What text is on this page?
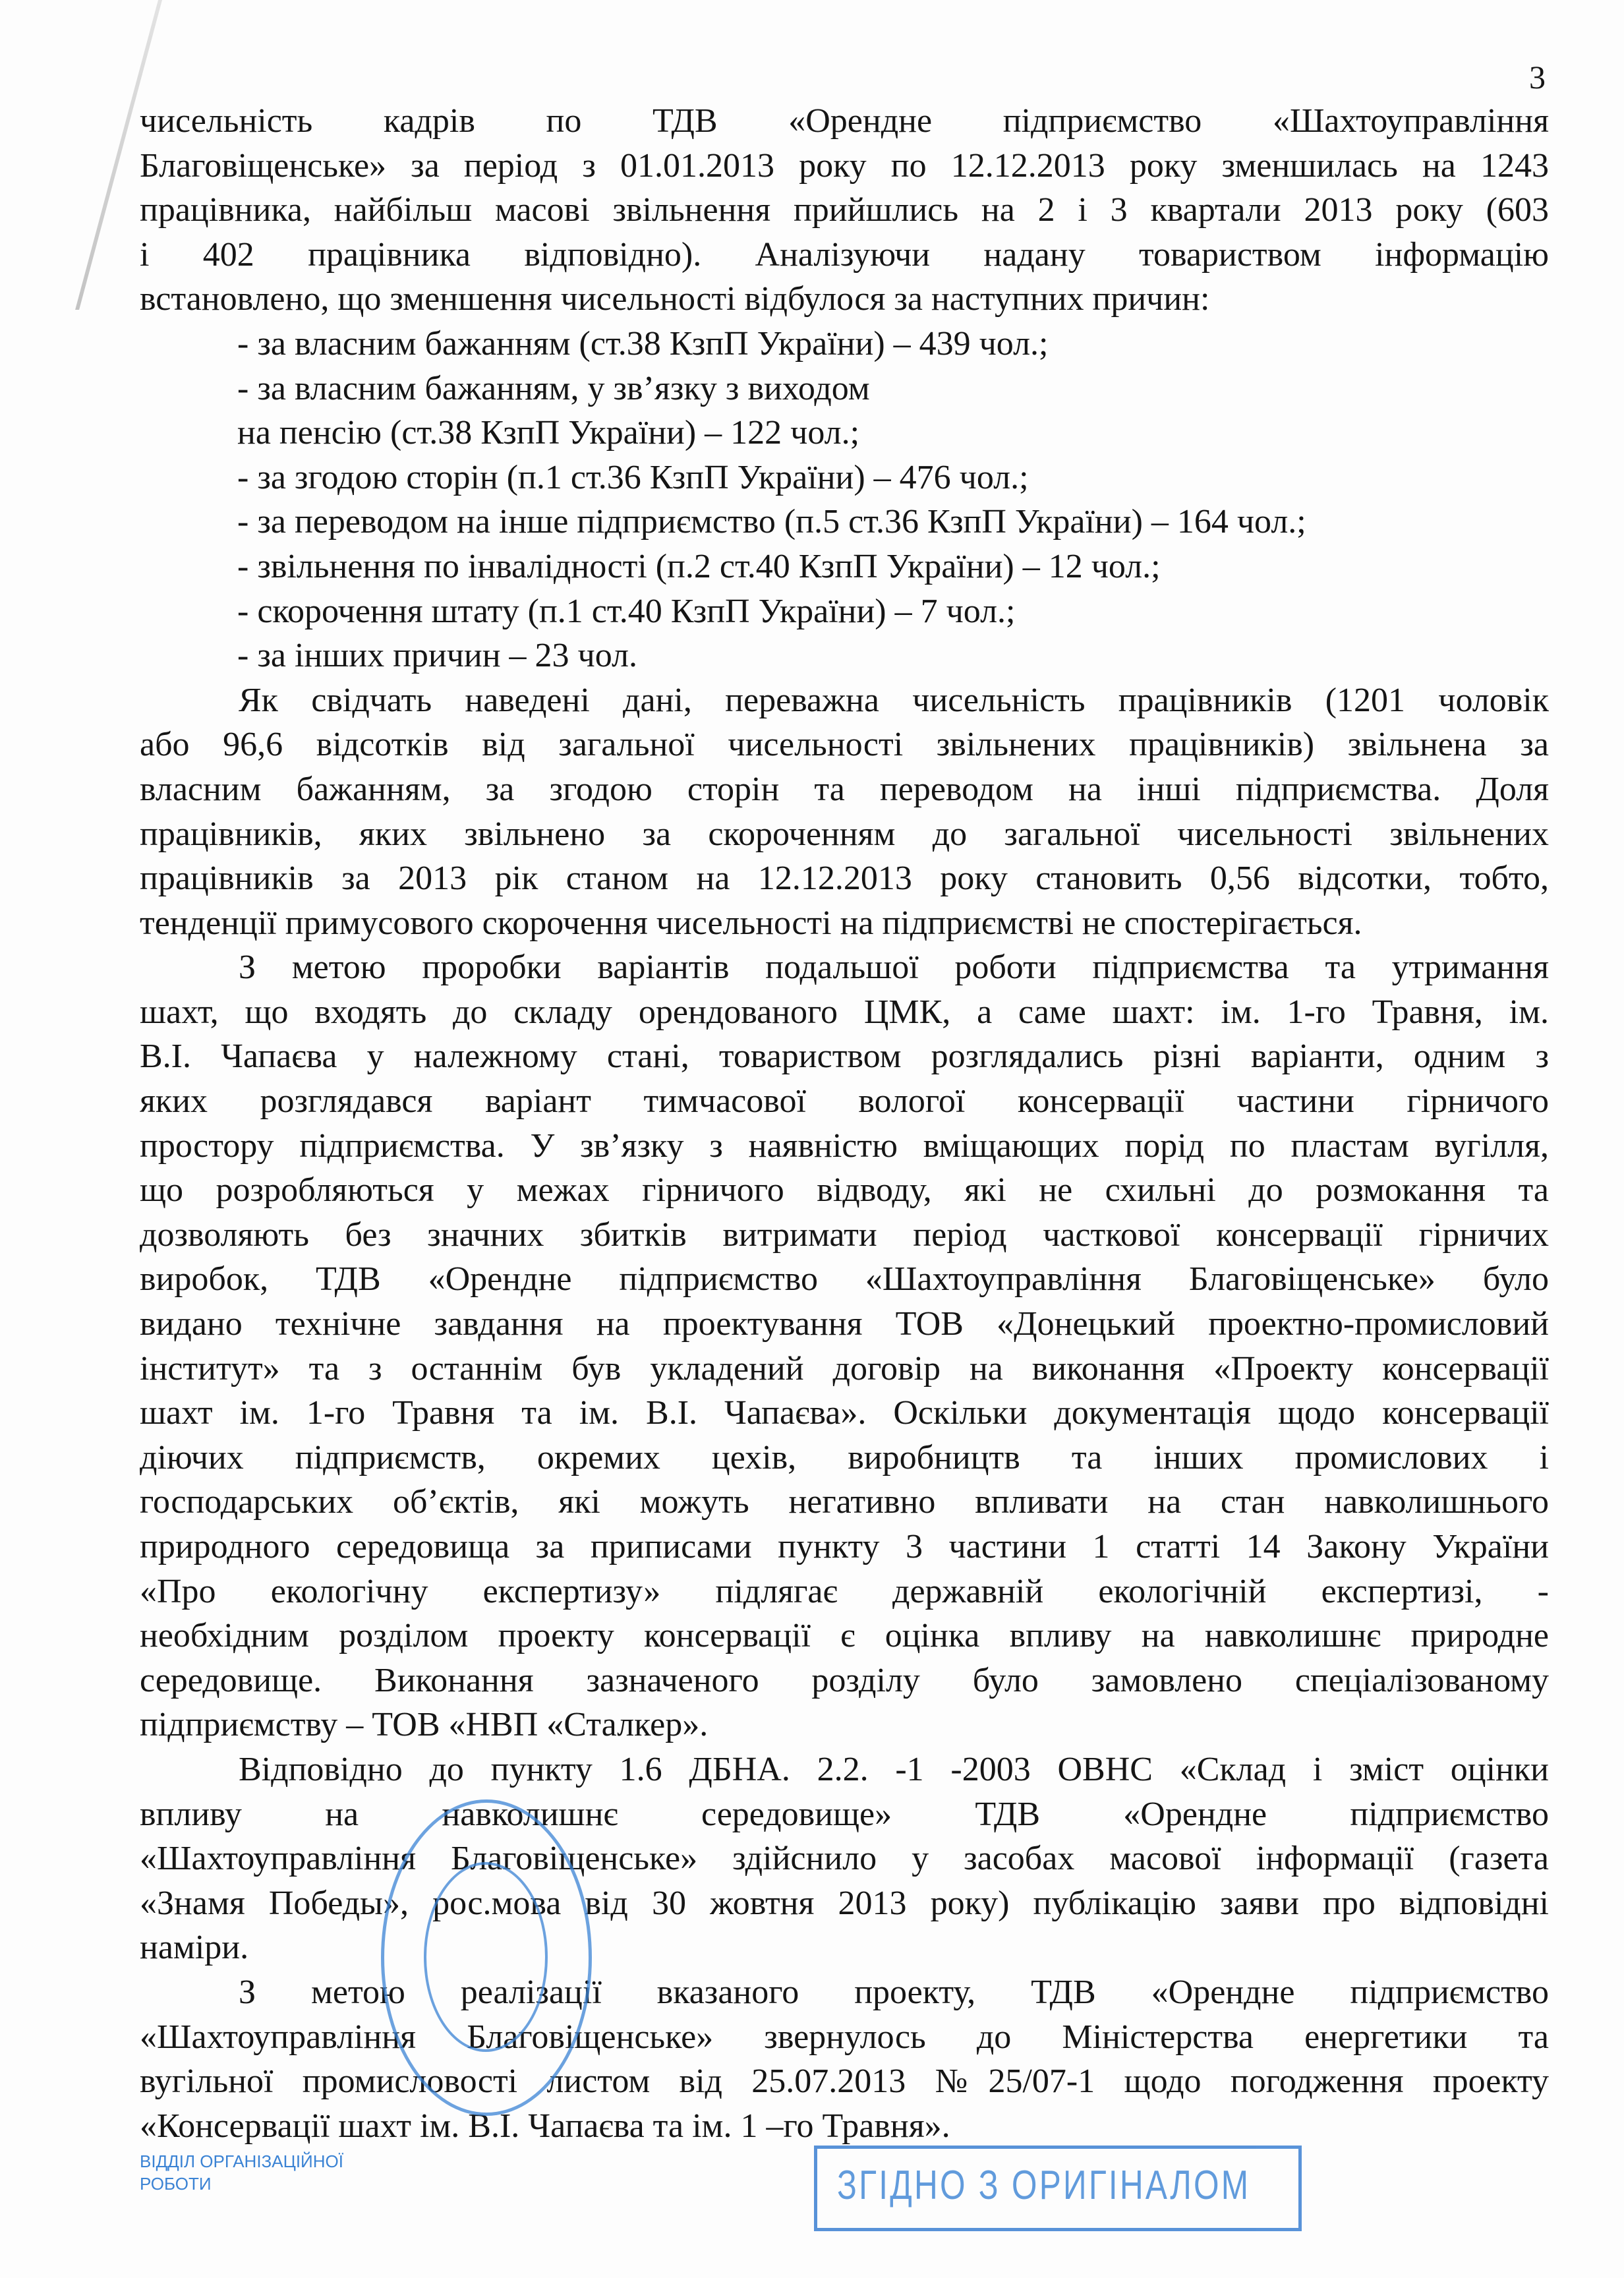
3
чисельність кадрів по ТДВ «Орендне підприємство «Шахтоуправління
Благовіщенське» за період з 01.01.2013 року по 12.12.2013 року зменшилась на 1243
працівника, найбільш масові звільнення прийшлись на 2 і 3 квартали 2013 року (603
і 402 працівника відповідно). Аналізуючи надану товариством інформацію
встановлено, що зменшення чисельності відбулося за наступних причин:
- за власним бажанням (ст.38 КзпП України) – 439 чол.;
- за власним бажанням, у зв’язку з виходом
на пенсію (ст.38 КзпП України) – 122 чол.;
- за згодою сторін (п.1 ст.36 КзпП України) – 476 чол.;
- за переводом на інше підприємство (п.5 ст.36 КзпП України) – 164 чол.;
- звільнення по інвалідності (п.2 ст.40 КзпП України) – 12 чол.;
- скорочення штату (п.1 ст.40 КзпП України) – 7 чол.;
- за інших причин – 23 чол.
Як свідчать наведені дані, переважна чисельність працівників (1201 чоловік
або 96,6 відсотків від загальної чисельності звільнених працівників) звільнена за
власним бажанням, за згодою сторін та переводом на інші підприємства. Доля
працівників, яких звільнено за скороченням до загальної чисельності звільнених
працівників за 2013 рік станом на 12.12.2013 року становить 0,56 відсотки, тобто,
тенденції примусового скорочення чисельності на підприємстві не спостерігається.
З метою проробки варіантів подальшої роботи підприємства та утримання
шахт, що входять до складу орендованого ЦМК, а саме шахт: ім. 1-го Травня, ім.
В.І. Чапаєва у належному стані, товариством розглядались різні варіанти, одним з
яких розглядався варіант тимчасової вологої консервації частини гірничого
простору підприємства. У зв’язку з наявністю вміщающих порід по пластам вугілля,
що розробляються у межах гірничого відводу, які не схильні до розмокання та
дозволяють без значних збитків витримати період часткової консервації гірничих
виробок, ТДВ «Орендне підприємство «Шахтоуправління Благовіщенське» було
видано технічне завдання на проектування ТОВ «Донецький проектно-промисловий
інститут» та з останнім був укладений договір на виконання «Проекту консервації
шахт ім. 1-го Травня та ім. В.І. Чапаєва». Оскільки документація щодо консервації
діючих підприємств, окремих цехів, виробництв та інших промислових і
господарських об’єктів, які можуть негативно впливати на стан навколишнього
природного середовища за приписами пункту 3 частини 1 статті 14 Закону України
«Про екологічну експертизу» підлягає державній екологічній експертизі, -
необхідним розділом проекту консервації є оцінка впливу на навколишнє природне
середовище. Виконання зазначеного розділу було замовлено спеціалізованому
підприємству – ТОВ «НВП «Сталкер».
Відповідно до пункту 1.6 ДБНА. 2.2. -1 -2003 ОВНС «Склад і зміст оцінки
впливу на навколишнє середовище» ТДВ «Орендне підприємство
«Шахтоуправління Благовіщенське» здійснило у засобах масової інформації (газета
«Знамя Победы», рос.мова від 30 жовтня 2013 року) публікацію заяви про відповідні
наміри.
З метою реалізації вказаного проекту, ТДВ «Орендне підприємство
«Шахтоуправління Благовіщенське» звернулось до Міністерства енергетики та
вугільної промисловості листом від 25.07.2013 №25/07-1 щодо погодження проекту
«Консервації шахт ім. В.І. Чапаєва та ім. 1 –го Травня».
ВІДДІЛ ОРГАНІЗАЦІЙНОЇ РОБОТИ	ЗГІДНО З ОРИГІНАЛОМ
